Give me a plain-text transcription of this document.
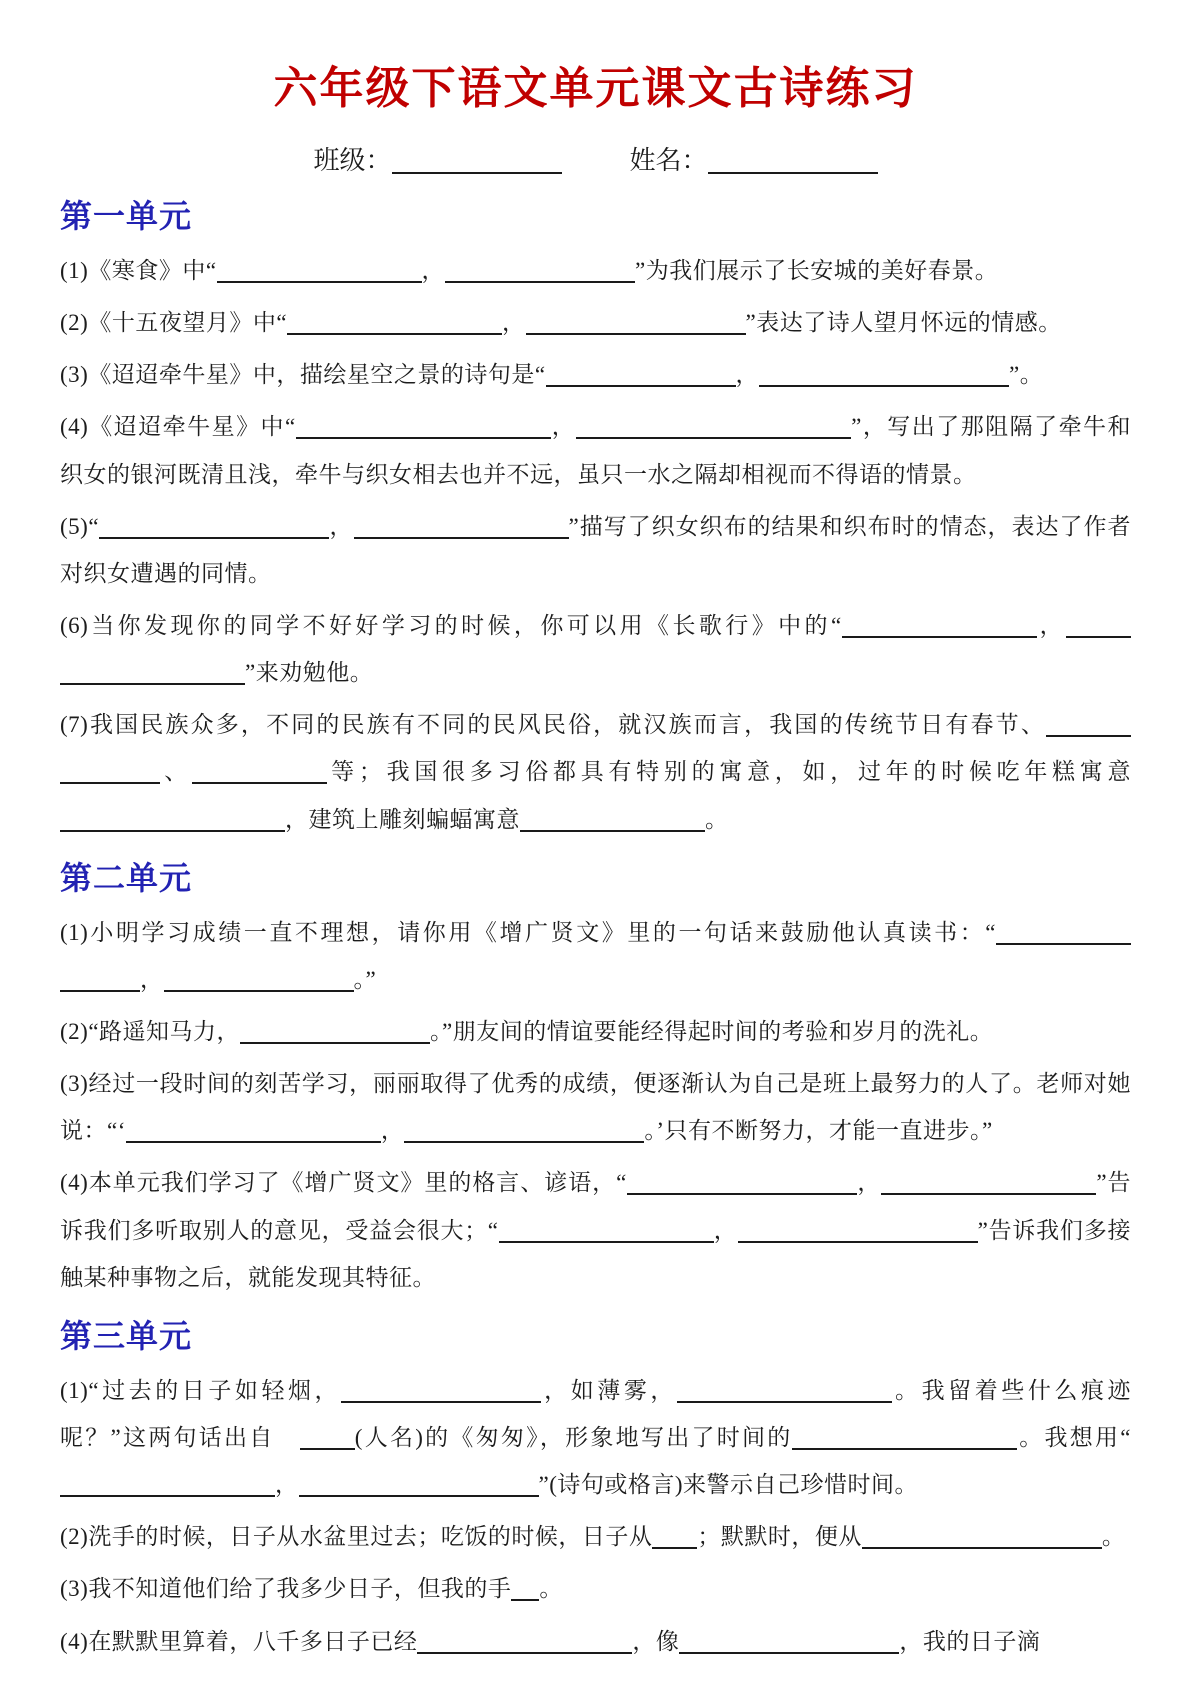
六年级下语文单元课文古诗练习
班级：	姓名：
第一单元

(1)《寒食》中“	，	”为我们展示了长安城的美好春景。

(2)《十五夜望月》中“	，	”表达了诗人望月怀远的情感。

(3)《迢迢牵牛星》中，描绘星空之景的诗句是“	，	”。

(4)《迢迢牵牛星》中“	，	”，写出了那阻隔了牵牛和织女的银河既清且浅，牵牛与织女相去也并不远，虽只一水之隔却相视而不得语的情景。

(5)“	，	”描写了织女织布的结果和织布时的情态，表达了作者对织女遭遇的同情。

(6)当你发现你的同学不好好学习的时候，你可以用《长歌行》中的“	，”来劝勉他。

(7)我国民族众多，不同的民族有不同的民风民俗，就汉族而言，我国的传统节日有春节、、	等；我国很多习俗都具有特别的寓意，如，过年的时候吃年糕寓意，建筑上雕刻蝙蝠寓意	。

第二单元

(1)小明学习成绩一直不理想，请你用《增广贤文》里的一句话来鼓励他认真读书：“，	。”

(2)“路遥知马力，	。”朋友间的情谊要能经得起时间的考验和岁月的洗礼。

(3)经过一段时间的刻苦学习，丽丽取得了优秀的成绩，便逐渐认为自己是班上最努力的人了。老师对她说：“‘	，	。’只有不断努力，才能一直进步。”

(4)本单元我们学习了《增广贤文》里的格言、谚语，“	，	”告诉我们多听取别人的意见，受益会很大；“	，	”告诉我们多接触某种事物之后，就能发现其特征。

第三单元

(1)“过去的日子如轻烟，	，如薄雾，	。我留着些什么痕迹呢？”这两句话出自　(人名)的《匆匆》，形象地写出了时间的	。我想用“，	”(诗句或格言)来警示自己珍惜时间。

(2)洗手的时候，日子从水盆里过去；吃饭的时候，日子从 ；默默时，便从	。

(3)我不知道他们给了我多少日子，但我的手 。

(4)在默默里算着，八千多日子已经	，像	，我的日子滴
